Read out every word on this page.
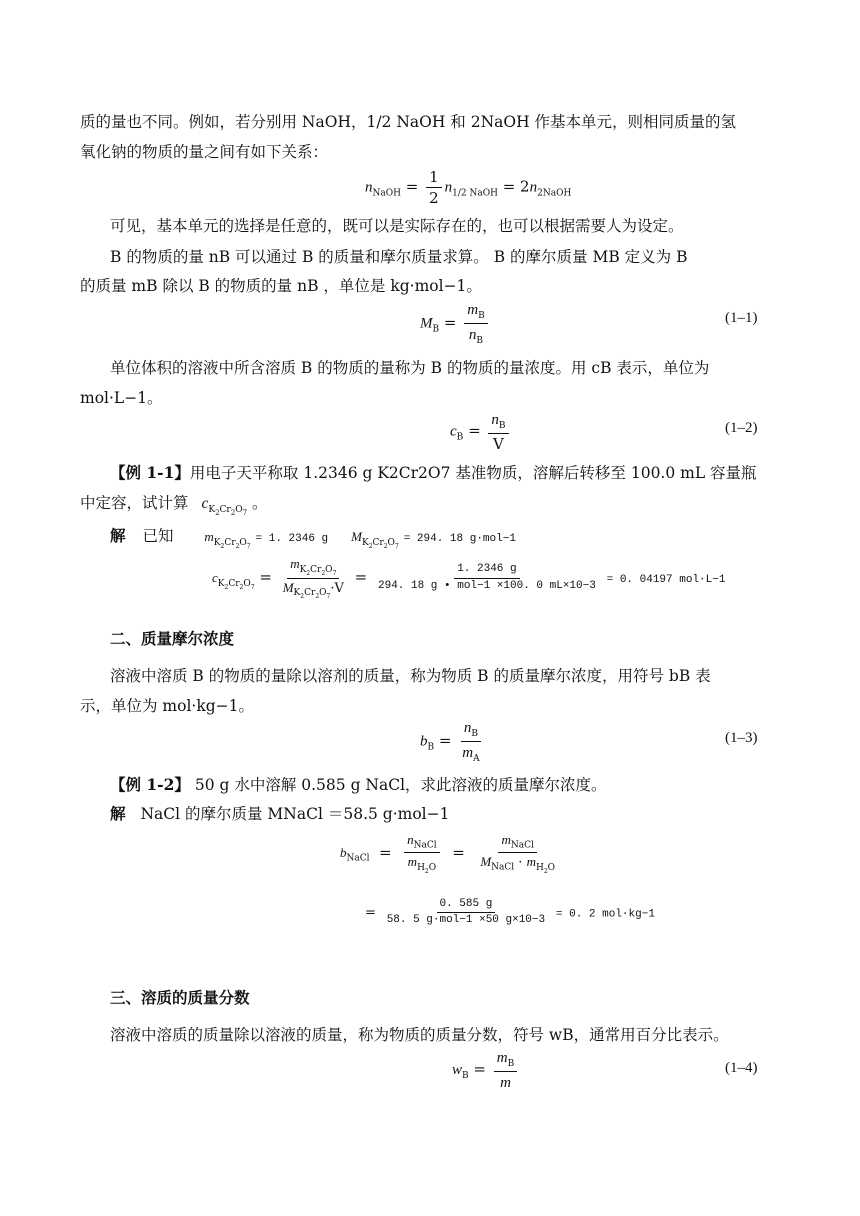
质的量也不同。例如，若分别用 NaOH，1/2 NaOH 和 2NaOH 作基本单元，则相同质量的氢
氧化钠的物质的量之间有如下关系：
$n_{NaOH} = \frac{1}{2} n_{1/2 NaOH} = 2n_{2NaOH}$
可见，基本单元的选择是任意的，既可以是实际存在的，也可以根据需要人为设定。
B 的物质的量 nB 可以通过 B 的质量和摩尔质量求算。 B 的摩尔质量 MB 定义为 B
的质量 mB 除以 B 的物质的量 nB ，单位是 kg·mol−1。
$M_B = \frac{m_B}{n_B}$	(1–1)
单位体积的溶液中所含溶质 B 的物质的量称为 B 的物质的量浓度。用 cB 表示，单位为
mol·L−1。
$c_B = \frac{n_B}{V}$	(1–2)
【例 1-1】用电子天平称取 1.2346 g K2Cr2O7 基准物质，溶解后转移至 100.0 mL 容量瓶
中定容，试计算 $c_{K_2Cr_2O_7}$ 。
解 已知 $m_{K_2Cr_2O_7} = 1$. 2346 g $M_{K_2Cr_2O_7} = 294$. 18 g·mol−1
$c_{K_2Cr_2O_7} = \frac{m_{K_2Cr_2O_7}}{M_{K_2Cr_2O_7}\cdot V} = \frac{1. 2346 g}{\text{294. 18 g • mol−1 ×100. 0 mL×10−3}} = 0$. 04197 mol·L−1
二、质量摩尔浓度
溶液中溶质 B 的物质的量除以溶剂的质量，称为物质 B 的质量摩尔浓度，用符号 bB 表
示，单位为 mol·kg−1。
$b_B = \frac{n_B}{m_A}$	(1–3)
【例 1-2】 50 g 水中溶解 0.585 g NaCl，求此溶液的质量摩尔浓度。
解 NaCl 的摩尔质量 MNaCl ＝58.5 g·mol−1
$b_{NaCl} = \frac{n_{NaCl}}{m_{H_2O}} = \frac{m_{NaCl}}{M_{NaCl} \cdot m_{H_2O}}$
= $\frac{0. 585 g}{\text{58. 5 g·mol−1 ×50 g×10−3}} = 0$. 2 mol·kg−1
三、溶质的质量分数
溶液中溶质的质量除以溶液的质量，称为物质的质量分数，符号 wB，通常用百分比表示。
$w_B = \frac{m_B}{m}$	(1–4)
